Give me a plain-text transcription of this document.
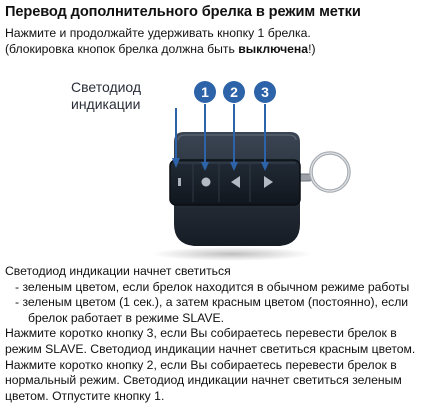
Перевод дополнительного брелка в режим метки
Нажмите и продолжайте удерживать кнопку 1 брелка.
(блокировка кнопок брелка должна быть выключена!)
1 2 3
Светодиод
индикации
Светодиод индикации начнет светиться
- зеленым цветом, если брелок находится в обычном режиме работы
- зеленым цветом (1 сек.), а затем красным цветом (постоянно), если
брелок работает в режиме SLAVE.
Нажмите коротко кнопку 3, если Вы собираетесь перевести брелок в
режим SLAVE. Светодиод индикации начнет светиться красным цветом.
Нажмите коротко кнопку 2, если Вы собираетесь перевести брелок в
нормальный режим. Светодиод индикации начнет светиться зеленым
цветом. Отпустите кнопку 1.
